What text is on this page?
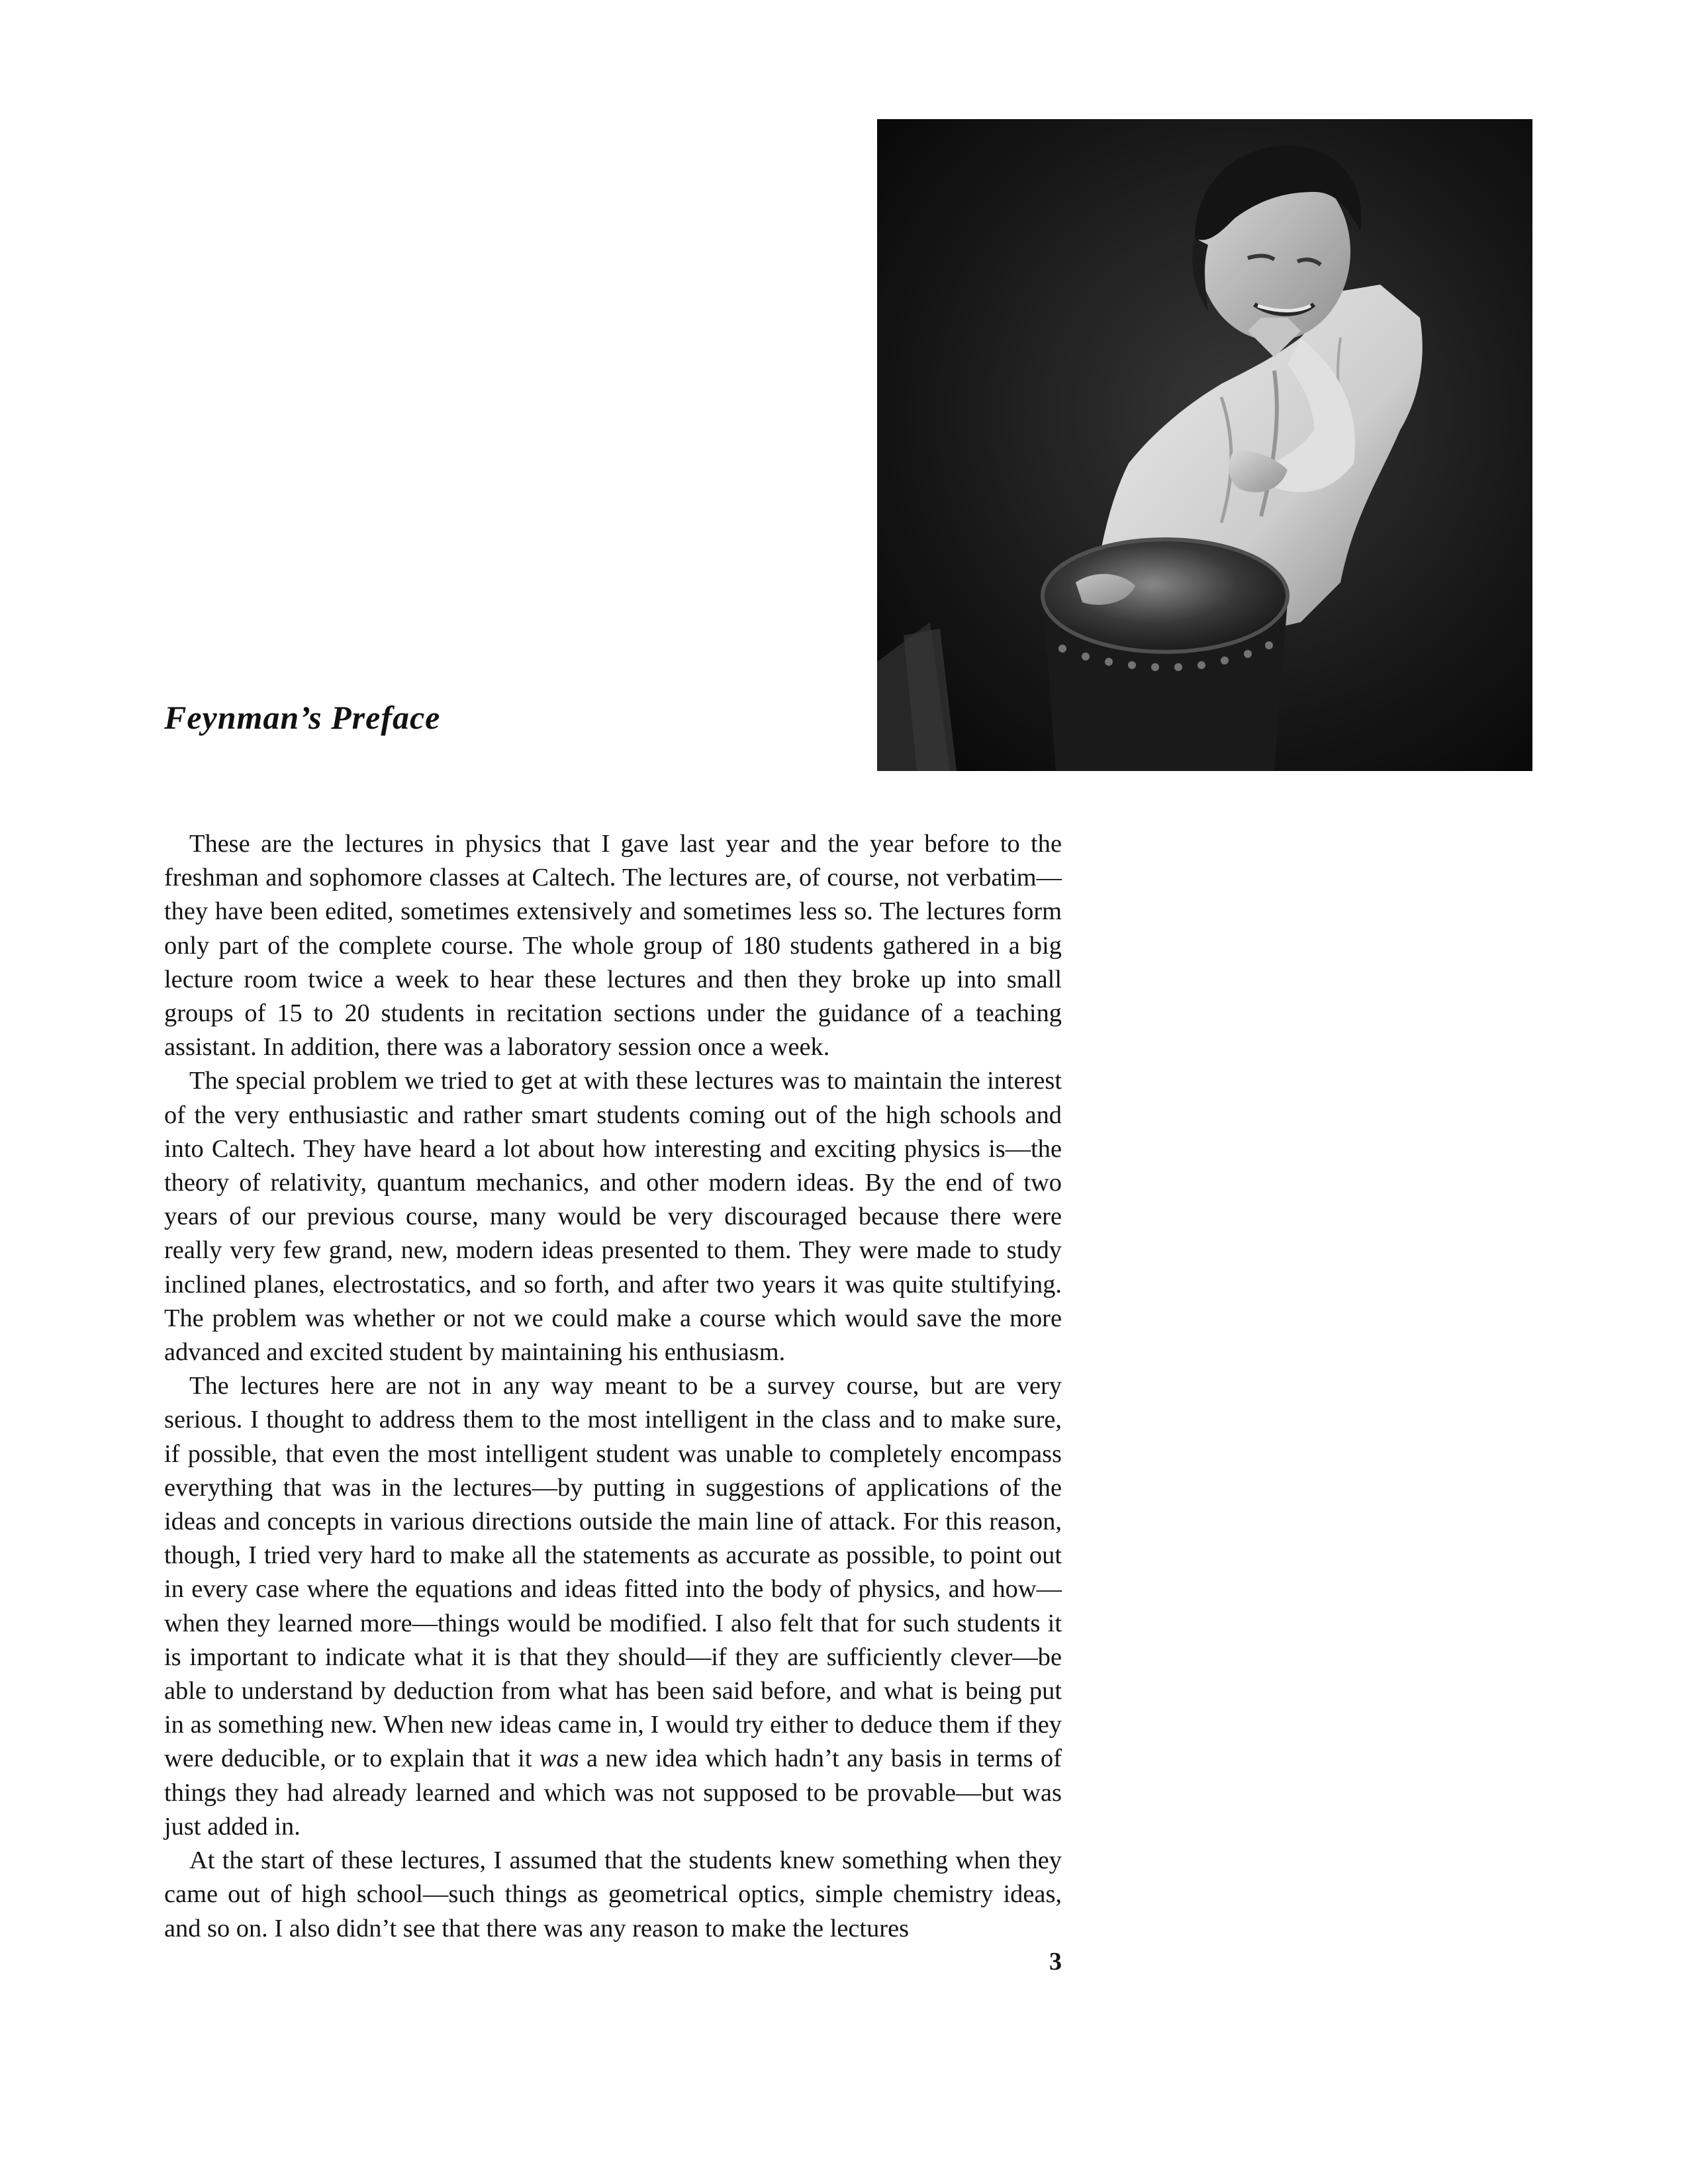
Feynman’s Preface

These are the lectures in physics that I gave last year and the year before to the freshman and sophomore classes at Caltech. The lectures are, of course, not verbatim—they have been edited, sometimes extensively and sometimes less so. The lectures form only part of the complete course. The whole group of 180 students gathered in a big lecture room twice a week to hear these lectures and then they broke up into small groups of 15 to 20 students in recitation sections under the guidance of a teaching assistant. In addition, there was a laboratory session once a week.

The special problem we tried to get at with these lectures was to maintain the interest of the very enthusiastic and rather smart students coming out of the high schools and into Caltech. They have heard a lot about how interesting and exciting physics is—the theory of relativity, quantum mechanics, and other modern ideas. By the end of two years of our previous course, many would be very discouraged because there were really very few grand, new, modern ideas presented to them. They were made to study inclined planes, electrostatics, and so forth, and after two years it was quite stultifying. The problem was whether or not we could make a course which would save the more advanced and excited student by maintaining his enthusiasm.

The lectures here are not in any way meant to be a survey course, but are very serious. I thought to address them to the most intelligent in the class and to make sure, if possible, that even the most intelligent student was unable to completely encompass everything that was in the lectures—by putting in suggestions of applications of the ideas and concepts in various directions outside the main line of attack. For this reason, though, I tried very hard to make all the statements as accurate as possible, to point out in every case where the equations and ideas fitted into the body of physics, and how—when they learned more—things would be modified. I also felt that for such students it is important to indicate what it is that they should—if they are sufficiently clever—be able to understand by deduction from what has been said before, and what is being put in as something new. When new ideas came in, I would try either to deduce them if they were deducible, or to explain that it was a new idea which hadn’t any basis in terms of things they had already learned and which was not supposed to be provable—but was just added in.

At the start of these lectures, I assumed that the students knew something when they came out of high school—such things as geometrical optics, simple chemistry ideas, and so on. I also didn’t see that there was any reason to make the lectures

3
